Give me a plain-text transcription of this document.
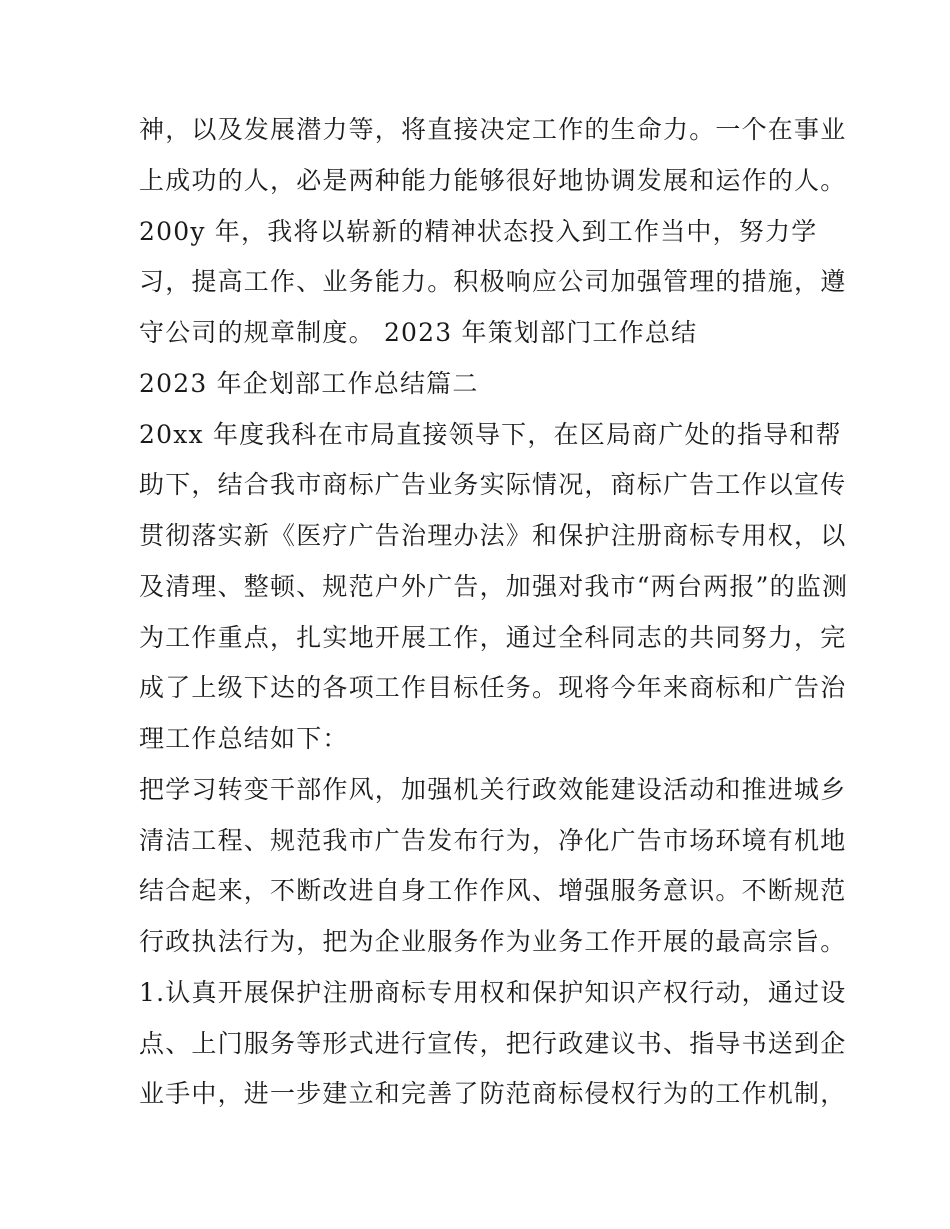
神，以及发展潜力等，将直接决定工作的生命力。一个在事业
上成功的人，必是两种能力能够很好地协调发展和运作的人。
200y 年，我将以崭新的精神状态投入到工作当中，努力学
习，提高工作、业务能力。积极响应公司加强管理的措施，遵
守公司的规章制度。 2023 年策划部门工作总结
2023 年企划部工作总结篇二
20xx 年度我科在市局直接领导下，在区局商广处的指导和帮
助下，结合我市商标广告业务实际情况，商标广告工作以宣传
贯彻落实新《医疗广告治理办法》和保护注册商标专用权，以
及清理、整顿、规范户外广告，加强对我市“两台两报”的监测
为工作重点，扎实地开展工作，通过全科同志的共同努力，完
成了上级下达的各项工作目标任务。现将今年来商标和广告治
理工作总结如下：
把学习转变干部作风，加强机关行政效能建设活动和推进城乡
清洁工程、规范我市广告发布行为，净化广告市场环境有机地
结合起来，不断改进自身工作作风、增强服务意识。不断规范
行政执法行为，把为企业服务作为业务工作开展的最高宗旨。
1.认真开展保护注册商标专用权和保护知识产权行动，通过设
点、上门服务等形式进行宣传，把行政建议书、指导书送到企
业手中，进一步建立和完善了防范商标侵权行为的工作机制，
